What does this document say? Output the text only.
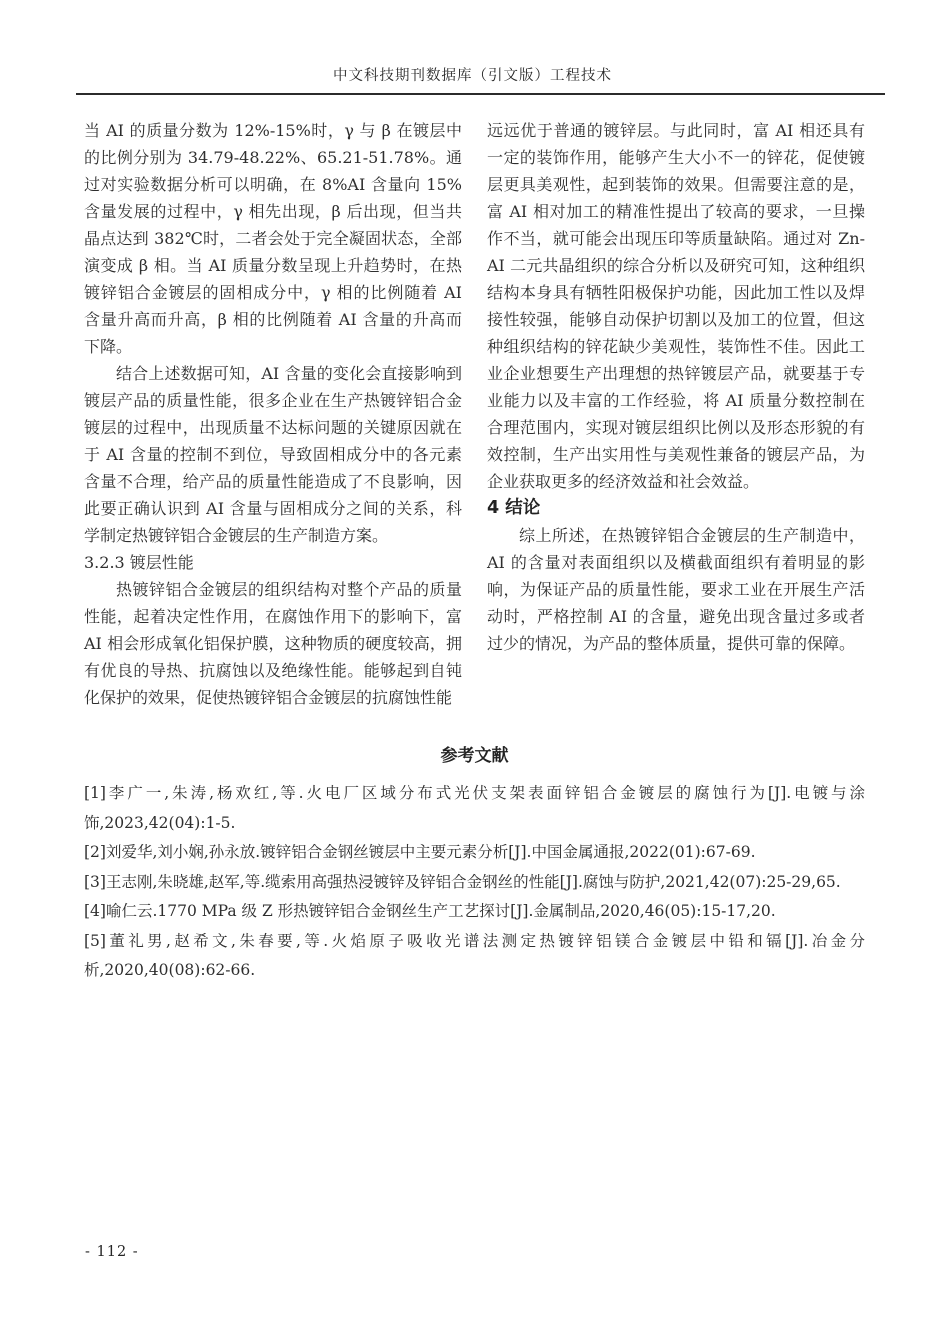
中文科技期刊数据库（引文版）工程技术

当 AI 的质量分数为 12%-15%时，γ 与 β 在镀层中的比例分别为 34.79-48.22%、65.21-51.78%。通过对实验数据分析可以明确，在 8%AI 含量向 15%含量发展的过程中，γ 相先出现，β 后出现，但当共晶点达到 382℃时，二者会处于完全凝固状态，全部演变成 β 相。当 AI 质量分数呈现上升趋势时，在热镀锌铝合金镀层的固相成分中，γ 相的比例随着 AI 含量升高而升高，β 相的比例随着 AI 含量的升高而下降。

结合上述数据可知，AI 含量的变化会直接影响到镀层产品的质量性能，很多企业在生产热镀锌铝合金镀层的过程中，出现质量不达标问题的关键原因就在于 AI 含量的控制不到位，导致固相成分中的各元素含量不合理，给产品的质量性能造成了不良影响，因此要正确认识到 AI 含量与固相成分之间的关系，科学制定热镀锌铝合金镀层的生产制造方案。

3.2.3 镀层性能

热镀锌铝合金镀层的组织结构对整个产品的质量性能，起着决定性作用，在腐蚀作用下的影响下，富 AI 相会形成氧化铝保护膜，这种物质的硬度较高，拥有优良的导热、抗腐蚀以及绝缘性能。能够起到自钝化保护的效果，促使热镀锌铝合金镀层的抗腐蚀性能

远远优于普通的镀锌层。与此同时，富 AI 相还具有一定的装饰作用，能够产生大小不一的锌花，促使镀层更具美观性，起到装饰的效果。但需要注意的是，富 AI 相对加工的精准性提出了较高的要求，一旦操作不当，就可能会出现压印等质量缺陷。通过对 Zn-AI 二元共晶组织的综合分析以及研究可知，这种组织结构本身具有牺牲阳极保护功能，因此加工性以及焊接性较强，能够自动保护切割以及加工的位置，但这种组织结构的锌花缺少美观性，装饰性不佳。因此工业企业想要生产出理想的热锌镀层产品，就要基于专业能力以及丰富的工作经验，将 AI 质量分数控制在合理范围内，实现对镀层组织比例以及形态形貌的有效控制，生产出实用性与美观性兼备的镀层产品，为企业获取更多的经济效益和社会效益。

4 结论

综上所述，在热镀锌铝合金镀层的生产制造中，AI 的含量对表面组织以及横截面组织有着明显的影响，为保证产品的质量性能，要求工业在开展生产活动时，严格控制 AI 的含量，避免出现含量过多或者过少的情况，为产品的整体质量，提供可靠的保障。

参考文献

[1]李广一,朱涛,杨欢红,等.火电厂区域分布式光伏支架表面锌铝合金镀层的腐蚀行为[J].电镀与涂饰,2023,42(04):1-5.

[2]刘爱华,刘小娴,孙永放.镀锌铝合金钢丝镀层中主要元素分析[J].中国金属通报,2022(01):67-69.

[3]王志刚,朱晓雄,赵军,等.缆索用高强热浸镀锌及锌铝合金钢丝的性能[J].腐蚀与防护,2021,42(07):25-29,65.

[4]喻仁云.1770 MPa 级 Z 形热镀锌铝合金钢丝生产工艺探讨[J].金属制品,2020,46(05):15-17,20.

[5]董礼男,赵希文,朱春要,等.火焰原子吸收光谱法测定热镀锌铝镁合金镀层中铅和镉[J].冶金分析,2020,40(08):62-66.

- 112 -
